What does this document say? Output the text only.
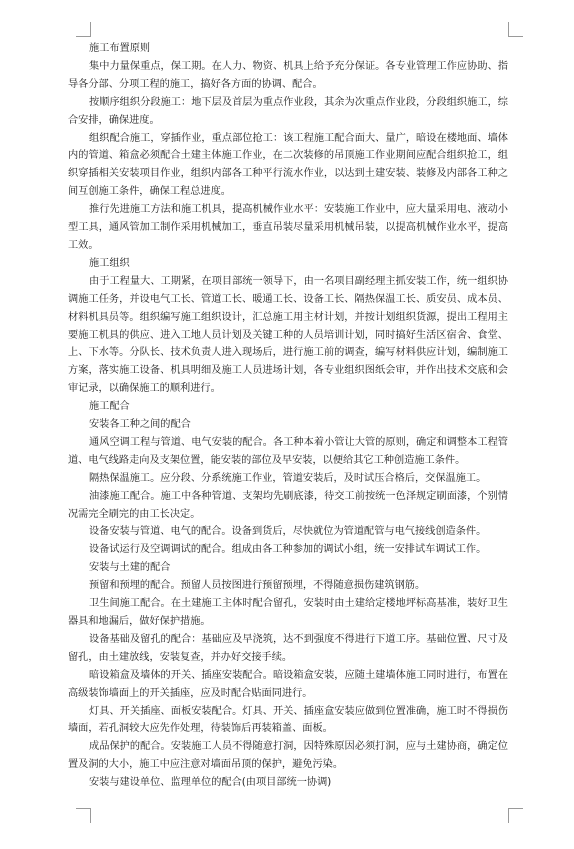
施工布置原则

集中力量保重点，保工期。在人力、物资、机具上给予充分保证。各专业管理工作应协助、指导各分部、分项工程的施工，搞好各方面的协调、配合。

按顺序组织分段施工：地下层及首层为重点作业段，其余为次重点作业段，分段组织施工，综合安排，确保进度。

组织配合施工，穿插作业，重点部位抢工：该工程施工配合面大、量广，暗设在楼地面、墙体内的管道、箱盒必须配合土建主体施工作业，在二次装修的吊顶施工作业期间应配合组织抢工，组织穿插相关安装项目作业，组织内部各工种平行流水作业，以达到土建安装、装修及内部各工种之间互创施工条件，确保工程总进度。

推行先进施工方法和施工机具，提高机械作业水平：安装施工作业中，应大量采用电、液动小型工具，通风管加工制作采用机械加工，垂直吊装尽量采用机械吊装，以提高机械作业水平，提高工效。

施工组织

由于工程量大、工期紧，在项目部统一领导下，由一名项目副经理主抓安装工作，统一组织协调施工任务，并设电气工长、管道工长、暖通工长、设备工长、隔热保温工长、质安员、成本员、材料机具员等。组织编写施工组织设计，汇总施工用主材计划，并按计划组织货源，提出工程用主要施工机具的供应、进入工地人员计划及关键工种的人员培训计划，同时搞好生活区宿舍、食堂、上、下水等。分队长、技术负责人进入现场后，进行施工前的调查，编写材料供应计划，编制施工方案，落实施工设备、机具明细及施工人员进场计划，各专业组织图纸会审，并作出技术交底和会审记录，以确保施工的顺利进行。

施工配合

安装各工种之间的配合

通风空调工程与管道、电气安装的配合。各工种本着小管让大管的原则，确定和调整本工程管道、电气线路走向及支架位置，能安装的部位及早安装，以便给其它工种创造施工条件。

隔热保温施工。应分段、分系统施工作业，管道安装后，及时试压合格后，交保温施工。

油漆施工配合。施工中各种管道、支架均先刷底漆，待交工前按统一色泽规定刷面漆，个别情况需完全刷完的由工长决定。

设备安装与管道、电气的配合。设备到货后，尽快就位为管道配管与电气接线创造条件。

设备试运行及空调调试的配合。组成由各工种参加的调试小组，统一安排试车调试工作。

安装与土建的配合

预留和预埋的配合。预留人员按图进行预留预埋，不得随意损伤建筑钢筋。

卫生间施工配合。在土建施工主体时配合留孔，安装时由土建给定楼地坪标高基准，装好卫生器具和地漏后，做好保护措施。

设备基础及留孔的配合：基础应及早浇筑，达不到强度不得进行下道工序。基础位置、尺寸及留孔，由土建放线，安装复查，并办好交接手续。

暗设箱盒及墙体的开关、插座安装配合。暗设箱盒安装，应随土建墙体施工同时进行，布置在高级装饰墙面上的开关插座，应及时配合贴面同进行。

灯具、开关插座、面板安装配合。灯具、开关、插座盒安装应做到位置准确，施工时不得损伤墙面，若孔洞较大应先作处理，待装饰后再装箱盖、面板。

成品保护的配合。安装施工人员不得随意打洞，因特殊原因必须打洞，应与土建协商，确定位置及洞的大小，施工中应注意对墙面吊顶的保护，避免污染。

安装与建设单位、监理单位的配合(由项目部统一协调)
